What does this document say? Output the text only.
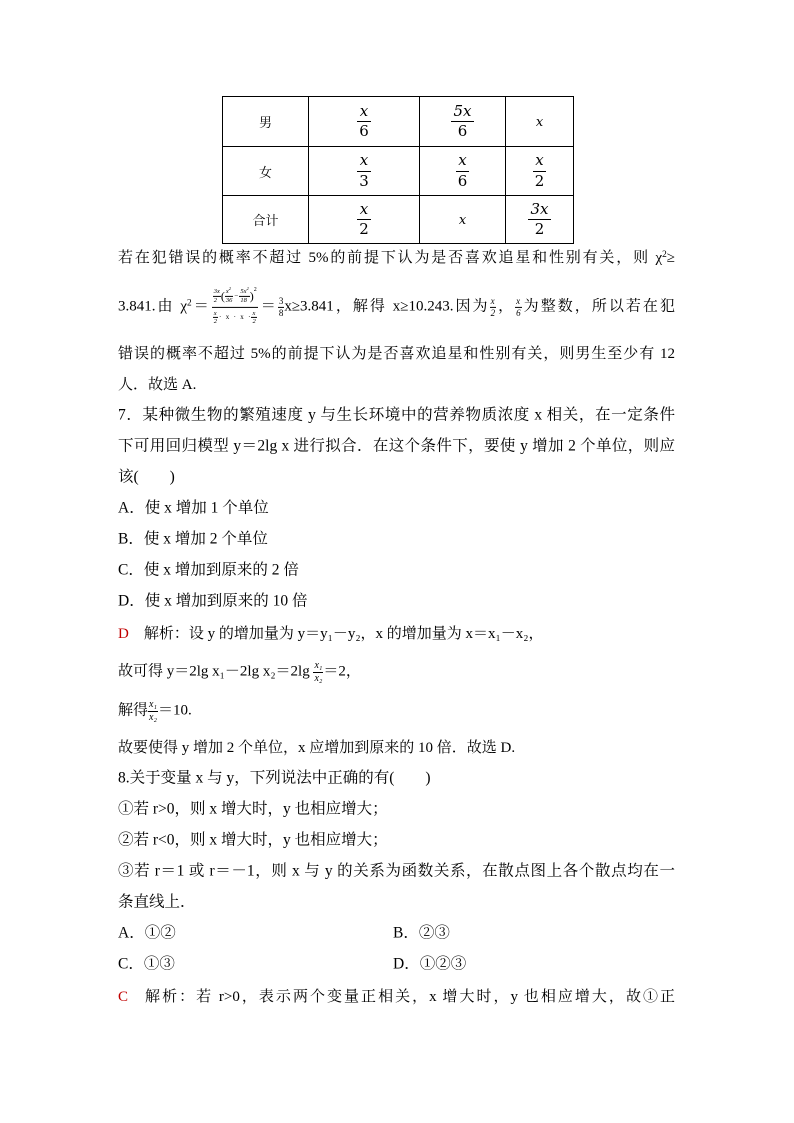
男	$\frac{x}{6}$	$\frac{5x}{6}$	x
女	$\frac{x}{3}$	$\frac{x}{6}$	$\frac{x}{2}$

合计	$\frac{x}{2}$	x	$\frac{3x}{2}$
若在犯错误的概率不超过 5%的前提下认为是否喜欢追星和性别有关，则 $\chi^2\ge$
3.841.由 $\chi^2= \frac{\frac{3x}{2} ( \frac{x^2}{36} - \frac{5x^2}{18} )2}{\frac{x}{2} \cdot x \cdot x \cdot \frac{x}{2}} = \frac{3}{8} x\ge 3.841$，解得 x≥10.243.因为 $\frac{x}{2}$ ， $\frac{x}{6}$ 为整数，所以若在犯
错误的概率不超过 5%的前提下认为是否喜欢追星和性别有关，则男生至少有 12
人．故选 A.
7．某种微生物的繁殖速度 y 与生长环境中的营养物质浓度 x 相关，在一定条件
下可用回归模型 y＝2lg x 进行拟合．在这个条件下，要使 y 增加 2 个单位，则应
该(　　)
A．使 x 增加 1 个单位
B．使 x 增加 2 个单位
C．使 x 增加到原来的 2 倍
D．使 x 增加到原来的 10 倍
D 解析：设 y 的增加量为 y＝y₁－y₂，x 的增加量为 x＝x₁－x₂，
故可得 y＝2lg x₁－2lg $x_2=2\lg \frac{\text{x₁}}{\text{x₂}} =2$，
解得 $\frac{\text{x₁}}{\text{x₂}} =10$.
故要使得 y 增加 2 个单位，x 应增加到原来的 10 倍．故选 D.
8.关于变量 x 与 y，下列说法中正确的有(　　)
①若 r>0，则 x 增大时，y 也相应增大；
②若 r<0，则 x 增大时，y 也相应增大；
③若 r＝1 或 r＝－1，则 x 与 y 的关系为函数关系，在散点图上各个散点均在一
条直线上．
A．①②	B．②③
C．①③	D．①②③
C 解析：若 r>0，表示两个变量正相关，x 增大时，y 也相应增大，故①正
